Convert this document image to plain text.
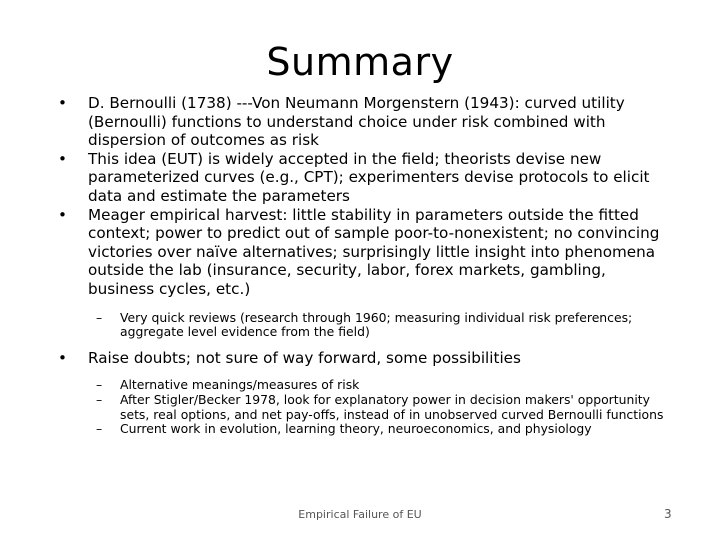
Summary

• D. Bernoulli (1738) ---Von Neumann Morgenstern (1943): curved utility (Bernoulli) functions to understand choice under risk combined with dispersion of outcomes as risk

• This idea (EUT) is widely accepted in the field; theorists devise new parameterized curves (e.g., CPT); experimenters devise protocols to elicit data and estimate the parameters

• Meager empirical harvest: little stability in parameters outside the fitted context; power to predict out of sample poor-to-nonexistent; no convincing victories over naïve alternatives; surprisingly little insight into phenomena outside the lab (insurance, security, labor, forex markets, gambling, business cycles, etc.)

– Very quick reviews (research through 1960; measuring individual risk preferences; aggregate level evidence from the field)

• Raise doubts; not sure of way forward, some possibilities

– Alternative meanings/measures of risk

– After Stigler/Becker 1978, look for explanatory power in decision makers' opportunity sets, real options, and net pay-offs, instead of in unobserved curved Bernoulli functions

– Current work in evolution, learning theory, neuroeconomics, and physiology

Empirical Failure of EU	3
